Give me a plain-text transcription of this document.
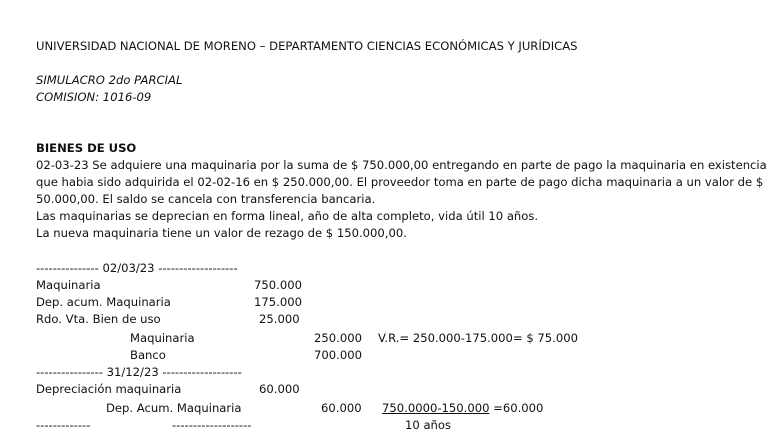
UNIVERSIDAD NACIONAL DE MORENO – DEPARTAMENTO CIENCIAS ECONÓMICAS Y JURÍDICAS
SIMULACRO 2do PARCIAL
COMISION: 1016-09
BIENES DE USO
02-03-23 Se adquiere una maquinaria por la suma de $ 750.000,00 entregando en parte de pago la maquinaria en existencia
que habia sido adquirida el 02-02-16 en $ 250.000,00. El proveedor toma en parte de pago dicha maquinaria a un valor de $
50.000,00. El saldo se cancela con transferencia bancaria.
Las maquinarias se deprecian en forma lineal, año de alta completo, vida útil 10 años.
La nueva maquinaria tiene un valor de rezago de $ 150.000,00.
--------------- 02/03/23 -------------------
Maquinaria	750.000
Dep. acum. Maquinaria	175.000
Rdo. Vta. Bien de uso	25.000
Maquinaria	250.000 V.R.= 250.000-175.000= $ 75.000
Banco	700.000
---------------- 31/12/23 -------------------
Depreciación maquinaria	60.000
Dep. Acum. Maquinaria	60.000 750.0000-150.000 =60.000
-------------	-------------------	10 años
